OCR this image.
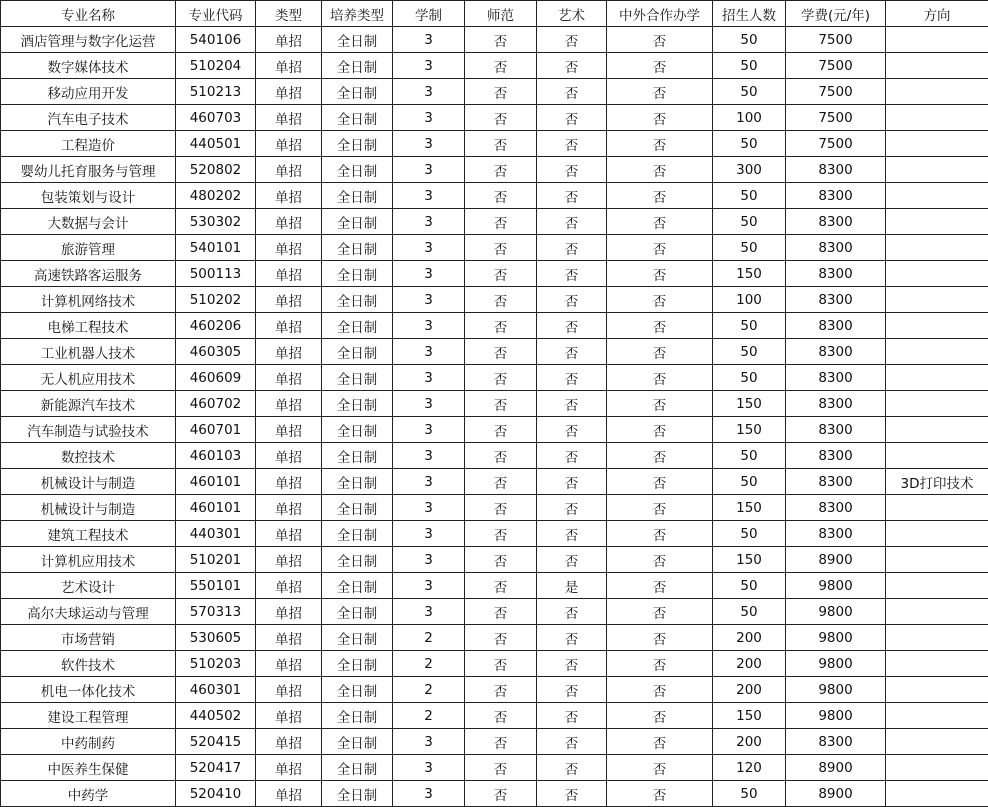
专业名称	专业代码	类型	培养类型	学制	师范	艺术	中外合作办学	招生人数	学费(元/年)	方向
酒店管理与数字化运营	540106	单招	全日制	3	否	否	否	50	7500	
数字媒体技术	510204	单招	全日制	3	否	否	否	50	7500	
移动应用开发	510213	单招	全日制	3	否	否	否	50	7500	
汽车电子技术	460703	单招	全日制	3	否	否	否	100	7500	
工程造价	440501	单招	全日制	3	否	否	否	50	7500	
婴幼儿托育服务与管理	520802	单招	全日制	3	否	否	否	300	8300	
包装策划与设计	480202	单招	全日制	3	否	否	否	50	8300	
大数据与会计	530302	单招	全日制	3	否	否	否	50	8300	
旅游管理	540101	单招	全日制	3	否	否	否	50	8300	
高速铁路客运服务	500113	单招	全日制	3	否	否	否	150	8300	
计算机网络技术	510202	单招	全日制	3	否	否	否	100	8300	
电梯工程技术	460206	单招	全日制	3	否	否	否	50	8300	
工业机器人技术	460305	单招	全日制	3	否	否	否	50	8300	
无人机应用技术	460609	单招	全日制	3	否	否	否	50	8300	
新能源汽车技术	460702	单招	全日制	3	否	否	否	150	8300	
汽车制造与试验技术	460701	单招	全日制	3	否	否	否	150	8300	
数控技术	460103	单招	全日制	3	否	否	否	50	8300	
机械设计与制造	460101	单招	全日制	3	否	否	否	50	8300	3D打印技术
机械设计与制造	460101	单招	全日制	3	否	否	否	150	8300	
建筑工程技术	440301	单招	全日制	3	否	否	否	50	8300	
计算机应用技术	510201	单招	全日制	3	否	否	否	150	8900	
艺术设计	550101	单招	全日制	3	否	是	否	50	9800	
高尔夫球运动与管理	570313	单招	全日制	3	否	否	否	50	9800	
市场营销	530605	单招	全日制	2	否	否	否	200	9800	
软件技术	510203	单招	全日制	2	否	否	否	200	9800	
机电一体化技术	460301	单招	全日制	2	否	否	否	200	9800	
建设工程管理	440502	单招	全日制	2	否	否	否	150	9800	
中药制药	520415	单招	全日制	3	否	否	否	200	8300	
中医养生保健	520417	单招	全日制	3	否	否	否	120	8900	
中药学	520410	单招	全日制	3	否	否	否	50	8900	
